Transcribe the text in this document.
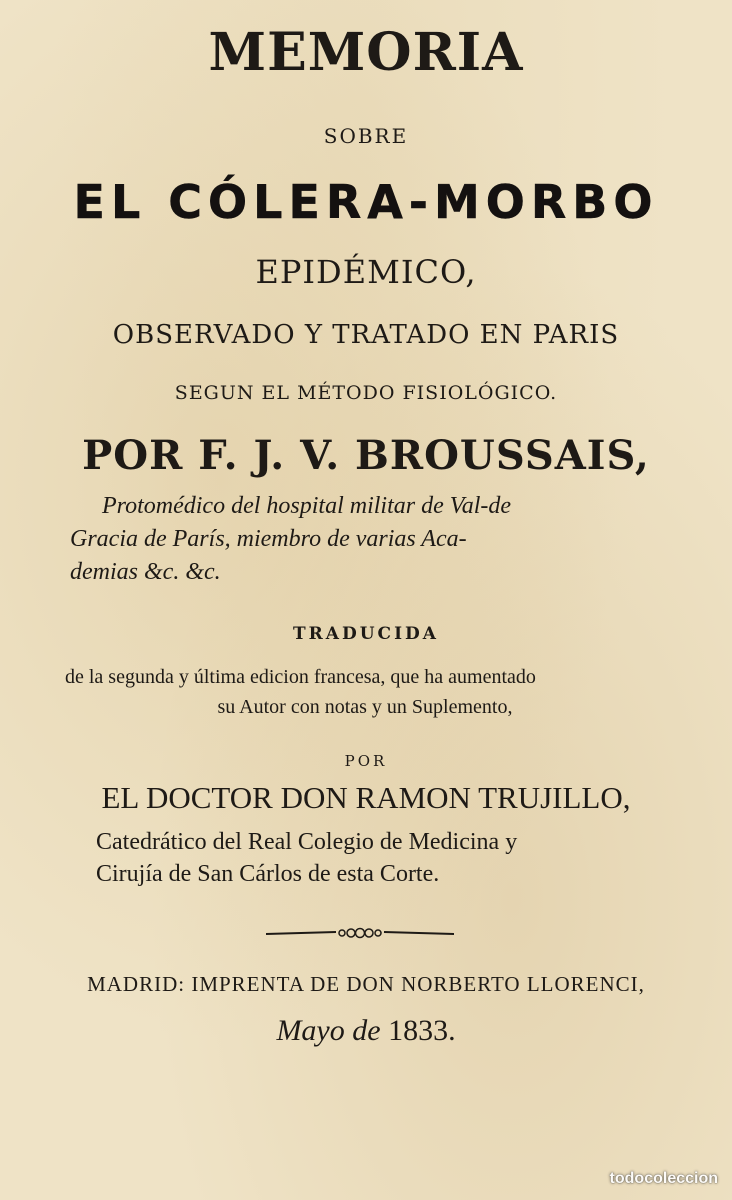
MEMORIA
SOBRE
EL CÓLERA-MORBO
EPIDÉMICO,
OBSERVADO Y TRATADO EN PARIS
SEGUN EL MÉTODO FISIOLÓGICO.
POR F. J. V. BROUSSAIS,
Protomédico del hospital militar de Val-de
Gracia de París, miembro de varias Aca-
demias &c. &c.
TRADUCIDA
de la segunda y última edicion francesa, que ha aumentado
su Autor con notas y un Suplemento,
POR
EL DOCTOR DON RAMON TRUJILLO,
Catedrático del Real Colegio de Medicina y
Cirujía de San Cárlos de esta Corte.
MADRID: IMPRENTA DE DON NORBERTO LLORENCI,
Mayo de 1833.
todocoleccion
